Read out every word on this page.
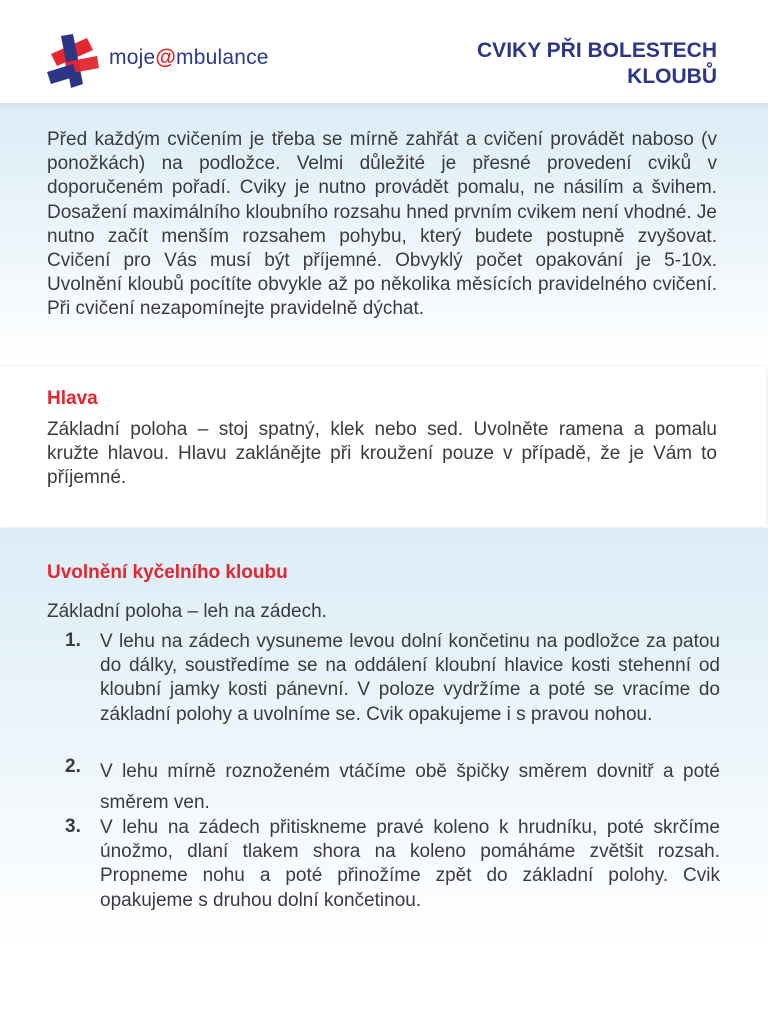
moje@mbulance	CVIKY PŘI BOLESTECH
KLOUBŮ

Před každým cvičením je třeba se mírně zahřát a cvičení provádět naboso (v ponožkách) na podložce. Velmi důležité je přesné provedení cviků v doporučeném pořadí. Cviky je nutno provádět pomalu, ne násilím a švihem. Dosažení maximálního kloubního rozsahu hned prvním cvikem není vhodné. Je nutno začít menším rozsahem pohybu, který budete postupně zvyšovat. Cvičení pro Vás musí být příjemné. Obvyklý počet opakování je 5-10x. Uvolnění kloubů pocítíte obvykle až po několika měsících pravidelného cvičení. Při cvičení nezapomínejte pravidelně dýchat.

Hlava

Základní poloha – stoj spatný, klek nebo sed. Uvolněte ramena a pomalu kružte hlavou. Hlavu zaklánějte při kroužení pouze v případě, že je Vám to příjemné.

Uvolnění kyčelního kloubu

Základní poloha – leh na zádech.

1. V lehu na zádech vysuneme levou dolní končetinu na podložce za patou do dálky, soustředíme se na oddálení kloubní hlavice kosti stehenní od kloubní jamky kosti pánevní. V poloze vydržíme a poté se vracíme do základní polohy a uvolníme se. Cvik opakujeme i s pravou nohou.

2. V lehu mírně roznoženém vtáčíme obě špičky směrem dovnitř a poté směrem ven.

3. V lehu na zádech přitiskneme pravé koleno k hrudníku, poté skrčíme únožmo, dlaní tlakem shora na koleno pomáháme zvětšit rozsah. Propneme nohu a poté přinožíme zpět do základní polohy. Cvik opakujeme s druhou dolní končetinou.
